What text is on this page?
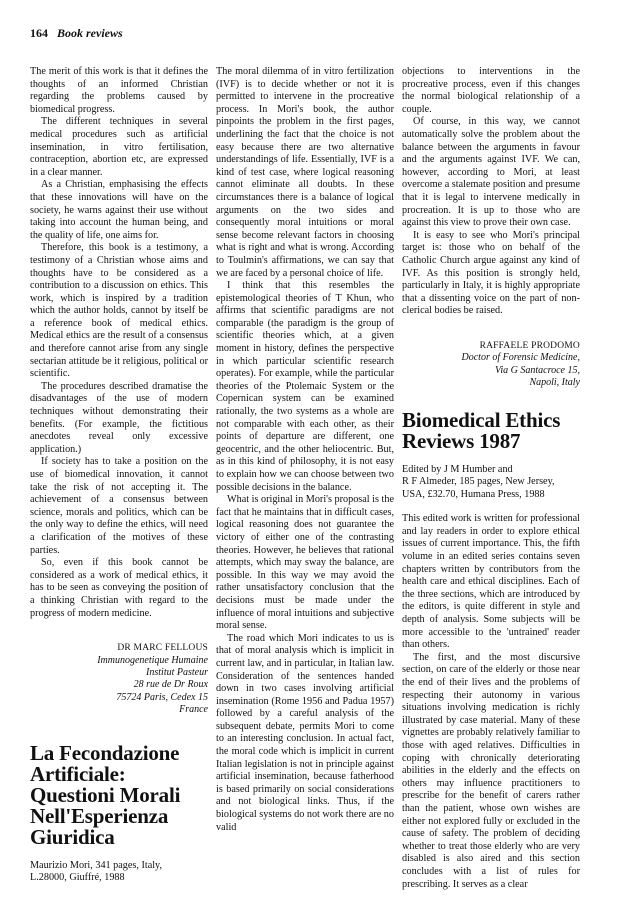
164 Book reviews

The merit of this work is that it defines the thoughts of an informed Christian regarding the problems caused by biomedical progress.

The different techniques in several medical procedures such as artificial insemination, in vitro fertilisation, contraception, abortion etc, are expressed in a clear manner.

As a Christian, emphasising the effects that these innovations will have on the society, he warns against their use without taking into account the human being, and the quality of life, one aims for.

Therefore, this book is a testimony, a testimony of a Christian whose aims and thoughts have to be considered as a contribution to a discussion on ethics. This work, which is inspired by a tradition which the author holds, cannot by itself be a reference book of medical ethics. Medical ethics are the result of a consensus and therefore cannot arise from any single sectarian attitude be it religious, political or scientific.

The procedures described dramatise the disadvantages of the use of modern techniques without demonstrating their benefits. (For example, the fictitious anecdotes reveal only excessive application.)

If society has to take a position on the use of biomedical innovation, it cannot take the risk of not accepting it. The achievement of a consensus between science, morals and politics, which can be the only way to define the ethics, will need a clarification of the motives of these parties.

So, even if this book cannot be considered as a work of medical ethics, it has to be seen as conveying the position of a thinking Christian with regard to the progress of modern medicine.

DR MARC FELLOUS
Immunogenetique Humaine
Institut Pasteur
28 rue de Dr Roux
75724 Paris, Cedex 15
France
La Fecondazione Artificiale: Questioni Morali Nell'Esperienza Giuridica
Maurizio Mori, 341 pages, Italy,
L.28000, Giuffré, 1988

The moral dilemma of in vitro fertilization (IVF) is to decide whether or not it is permitted to intervene in the procreative process. In Mori's book, the author pinpoints the problem in the first pages, underlining the fact that the choice is not easy because there are two alternative understandings of life. Essentially, IVF is a kind of test case, where logical reasoning cannot eliminate all doubts. In these circumstances there is a balance of logical arguments on the two sides and consequently moral intuitions or moral sense become relevant factors in choosing what is right and what is wrong. According to Toulmin's affirmations, we can say that we are faced by a personal choice of life.

I think that this resembles the epistemological theories of T Khun, who affirms that scientific paradigms are not comparable (the paradigm is the group of scientific theories which, at a given moment in history, defines the perspective in which particular scientific research operates). For example, while the particular theories of the Ptolemaic System or the Copernican system can be examined rationally, the two systems as a whole are not comparable with each other, as their points of departure are different, one geocentric, and the other heliocentric. But, as in this kind of philosophy, it is not easy to explain how we can choose between two possible decisions in the balance.

What is original in Mori's proposal is the fact that he maintains that in difficult cases, logical reasoning does not guarantee the victory of either one of the contrasting theories. However, he believes that rational attempts, which may sway the balance, are possible. In this way we may avoid the rather unsatisfactory conclusion that the decisions must be made under the influence of moral intuitions and subjective moral sense.

The road which Mori indicates to us is that of moral analysis which is implicit in current law, and in particular, in Italian law. Consideration of the sentences handed down in two cases involving artificial insemination (Rome 1956 and Padua 1957) followed by a careful analysis of the subsequent debate, permits Mori to come to an interesting conclusion. In actual fact, the moral code which is implicit in current Italian legislation is not in principle against artificial insemination, because fatherhood is based primarily on social considerations and not biological links. Thus, if the biological systems do not work there are no valid

objections to interventions in the procreative process, even if this changes the normal biological relationship of a couple.

Of course, in this way, we cannot automatically solve the problem about the balance between the arguments in favour and the arguments against IVF. We can, however, according to Mori, at least overcome a stalemate position and presume that it is legal to intervene medically in procreation. It is up to those who are against this view to prove their own case.

It is easy to see who Mori's principal target is: those who on behalf of the Catholic Church argue against any kind of IVF. As this position is strongly held, particularly in Italy, it is highly appropriate that a dissenting voice on the part of non-clerical bodies be raised.

RAFFAELE PRODOMO
Doctor of Forensic Medicine,
Via G Santacroce 15,
Napoli, Italy
Biomedical Ethics Reviews 1987
Edited by J M Humber and
R F Almeder, 185 pages, New Jersey,
USA, £32.70, Humana Press, 1988

This edited work is written for professional and lay readers in order to explore ethical issues of current importance. This, the fifth volume in an edited series contains seven chapters written by contributors from the health care and ethical disciplines. Each of the three sections, which are introduced by the editors, is quite different in style and depth of analysis. Some subjects will be more accessible to the 'untrained' reader than others.

The first, and the most discursive section, on care of the elderly or those near the end of their lives and the problems of respecting their autonomy in various situations involving medication is richly illustrated by case material. Many of these vignettes are probably relatively familiar to those with aged relatives. Difficulties in coping with chronically deteriorating abilities in the elderly and the effects on others may influence practitioners to prescribe for the benefit of carers rather than the patient, whose own wishes are either not explored fully or excluded in the cause of safety. The problem of deciding whether to treat those elderly who are very disabled is also aired and this section concludes with a list of rules for prescribing. It serves as a clear
